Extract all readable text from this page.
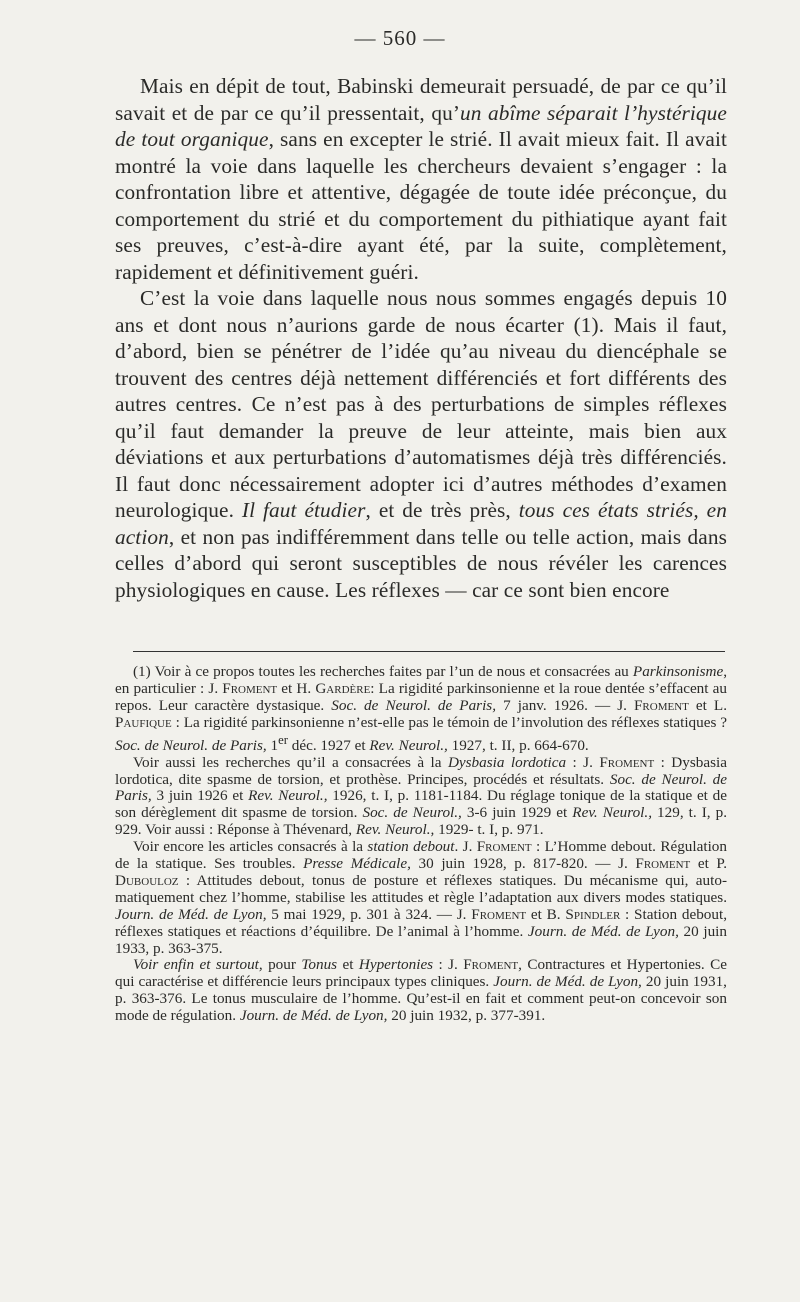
— 560 —

Mais en dépit de tout, Babinski demeurait persuadé, de par ce qu’il savait et de par ce qu’il pressentait, qu’un abîme séparait l’hystérique de tout organique, sans en excepter le strié. Il avait mieux fait. Il avait montré la voie dans laquelle les chercheurs devaient s’engager : la confrontation libre et attentive, dégagée de toute idée préconçue, du comportement du strié et du comportement du pithiatique ayant fait ses preuves, c’est-à-dire ayant été, par la suite, complètement, rapidement et définitivement guéri.

C’est la voie dans laquelle nous nous sommes engagés depuis 10 ans et dont nous n’aurions garde de nous écarter (1). Mais il faut, d’abord, bien se pénétrer de l’idée qu’au niveau du diencéphale se trouvent des centres déjà nettement différenciés et fort différents des autres centres. Ce n’est pas à des perturbations de simples réflexes qu’il faut demander la preuve de leur atteinte, mais bien aux déviations et aux perturbations d’automatismes déjà très différenciés. Il faut donc nécessairement adopter ici d’autres méthodes d’examen neurologique. Il faut étudier, et de très près, tous ces états striés, en action, et non pas indifféremment dans telle ou telle action, mais dans celles d’abord qui seront susceptibles de nous révéler les carences physiologiques en cause. Les réflexes — car ce sont bien encore

(1) Voir à ce propos toutes les recherches faites par l’un de nous et consacrées au Parkinsonisme, en particulier : J. Froment et H. Gardère: La rigidité parkinsonienne et la roue dentée s’effacent au repos. Leur caractère dystasique. Soc. de Neurol. de Paris, 7 janv. 1926. — J. Froment et L. Paufique : La rigidité parkinsonienne n’est-elle pas le témoin de l’involution des réflexes statiques ? Soc. de Neurol. de Paris, 1er déc. 1927 et Rev. Neurol., 1927, t. II, p. 664-670.

Voir aussi les recherches qu’il a consacrées à la Dysbasia lordotica : J. Froment : Dysbasia lordotica, dite spasme de torsion, et prothèse. Principes, procédés et résultats. Soc. de Neurol. de Paris, 3 juin 1926 et Rev. Neurol., 1926, t. I, p. 1181-1184. Du réglage tonique de la statique et de son dérèglement dit spasme de torsion. Soc. de Neurol., 3-6 juin 1929 et Rev. Neurol., 129, t. I, p. 929. Voir aussi : Réponse à Thévenard, Rev. Neurol., 1929- t. I, p. 971.

Voir encore les articles consacrés à la station debout. J. Froment : L’Homme debout. Régulation de la statique. Ses troubles. Presse Médicale, 30 juin 1928, p. 817-820. — J. Froment et P. Dubouloz : Attitudes debout, tonus de posture et réflexes statiques. Du mécanisme qui, automatiquement chez l’homme, stabilise les attitudes et règle l’adaptation aux divers modes statiques. Journ. de Méd. de Lyon, 5 mai 1929, p. 301 à 324. — J. Froment et B. Spindler : Station debout, réflexes statiques et réactions d’équilibre. De l’animal à l’homme. Journ. de Méd. de Lyon, 20 juin 1933, p. 363-375.

Voir enfin et surtout, pour Tonus et Hypertonies : J. Froment, Contractures et Hypertonies. Ce qui caractérise et différencie leurs principaux types cliniques. Journ. de Méd. de Lyon, 20 juin 1931, p. 363-376. Le tonus musculaire de l’homme. Qu’est-il en fait et comment peut-on concevoir son mode de régulation. Journ. de Méd. de Lyon, 20 juin 1932, p. 377-391.
